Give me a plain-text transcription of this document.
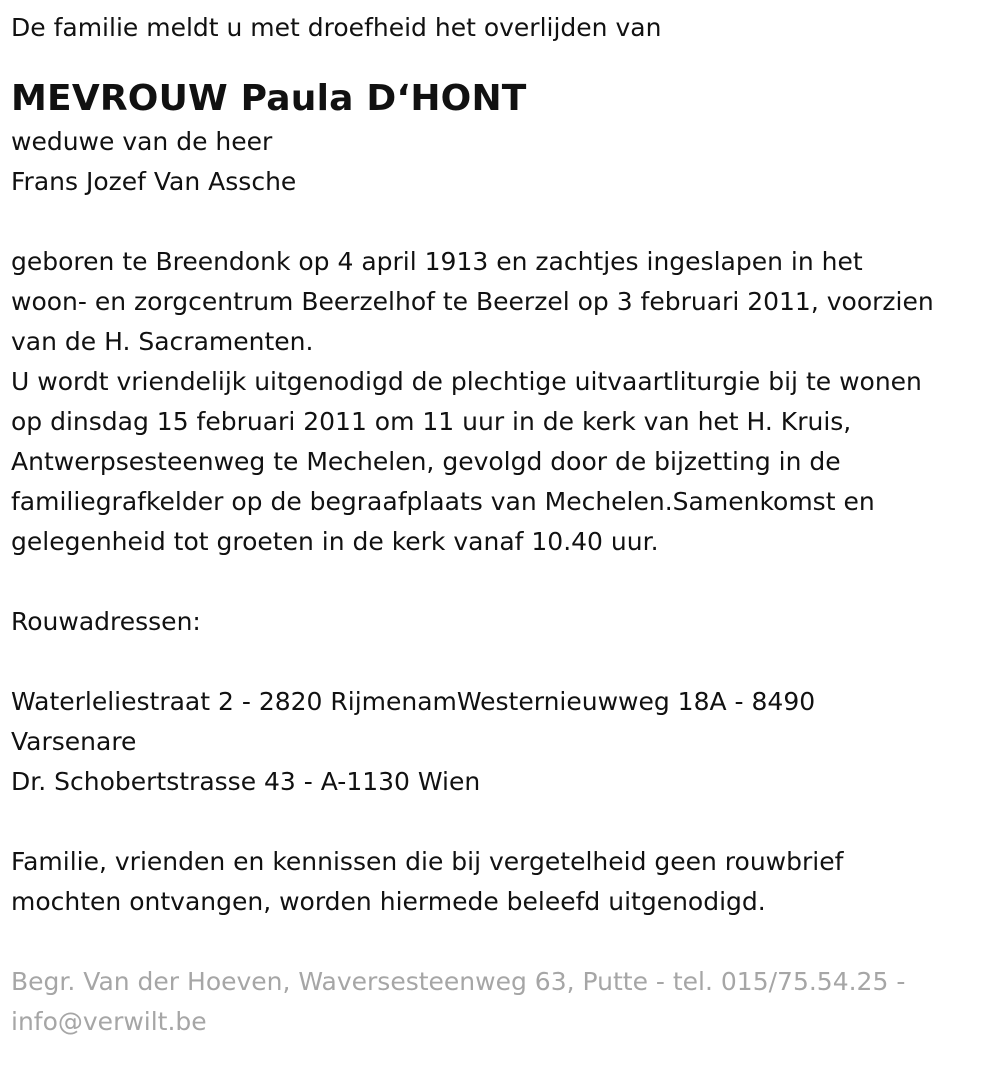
De familie meldt u met droefheid het overlijden van

MEVROUW Paula D‘HONT

weduwe van de heer

Frans Jozef Van Assche

geboren te Breendonk op 4 april 1913 en zachtjes ingeslapen in het

woon- en zorgcentrum Beerzelhof te Beerzel op 3 februari 2011, voorzien

van de H. Sacramenten.

U wordt vriendelijk uitgenodigd de plechtige uitvaartliturgie bij te wonen

op dinsdag 15 februari 2011 om 11 uur in de kerk van het H. Kruis,

Antwerpsesteenweg te Mechelen, gevolgd door de bijzetting in de

familiegrafkelder op de begraafplaats van Mechelen.Samenkomst en

gelegenheid tot groeten in de kerk vanaf 10.40 uur.

Rouwadressen:

Waterleliestraat 2 - 2820 RijmenamWesternieuwweg 18A - 8490

Varsenare

Dr. Schobertstrasse 43 - A-1130 Wien

Familie, vrienden en kennissen die bij vergetelheid geen rouwbrief

mochten ontvangen, worden hiermede beleefd uitgenodigd.

Begr. Van der Hoeven, Waversesteenweg 63, Putte - tel. 015/75.54.25 -

info@verwilt.be
